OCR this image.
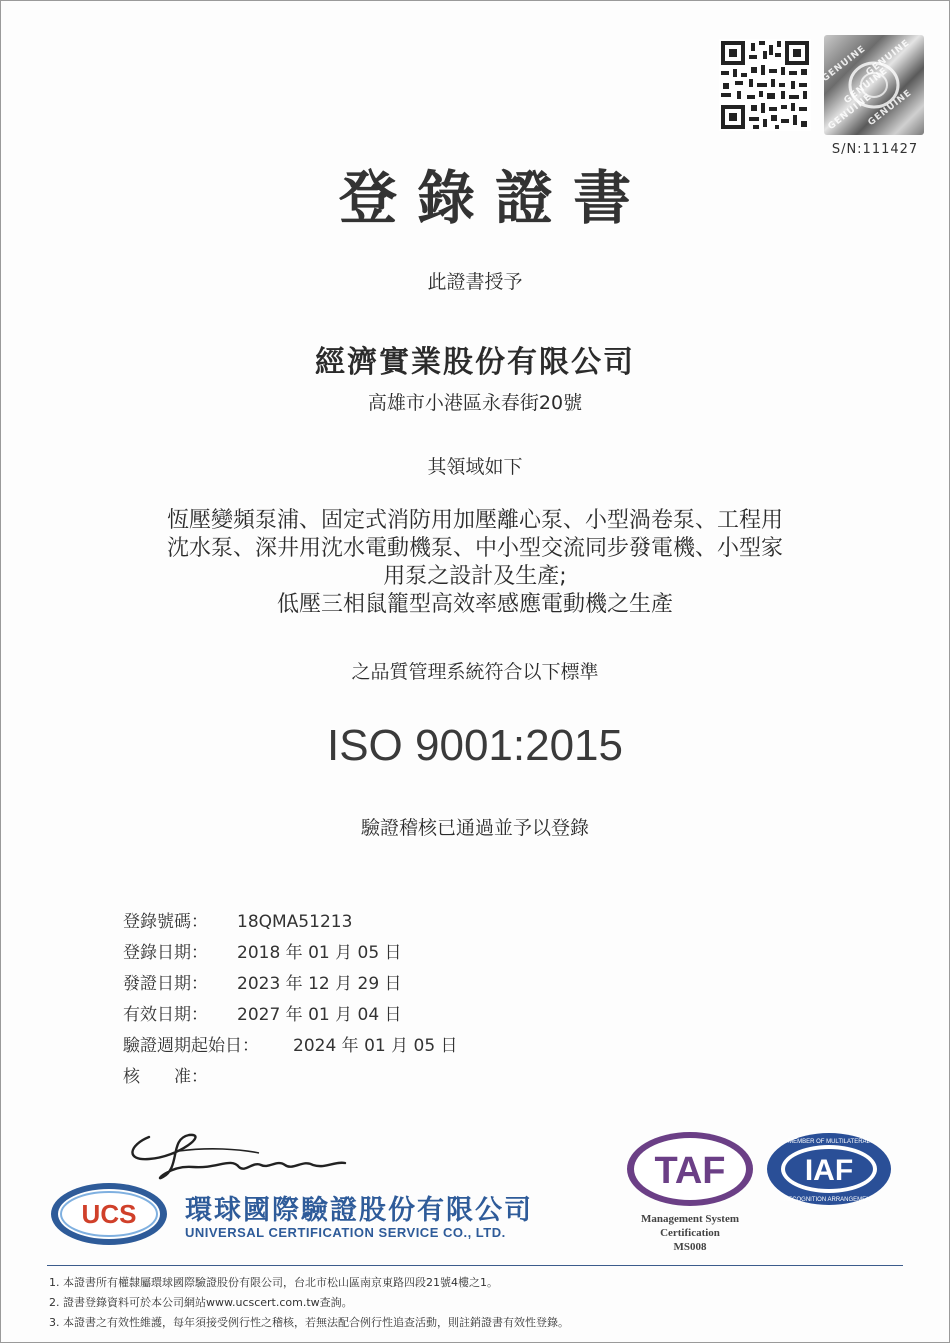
GENUINE
GENUINE
GENUINE
GENUINE
GENUINE
S/N:111427
登錄證書
此證書授予
經濟實業股份有限公司
高雄市小港區永春街20號
其領域如下
恆壓變頻泵浦、固定式消防用加壓離心泵、小型渦卷泵、工程用
沈水泵、深井用沈水電動機泵、中小型交流同步發電機、小型家
用泵之設計及生產;
低壓三相鼠籠型高效率感應電動機之生產
之品質管理系統符合以下標準
ISO 9001:2015
驗證稽核已通過並予以登錄
登錄號碼： 18QMA51213
登錄日期： 2018 年 01 月 05 日
發證日期： 2023 年 12 月 29 日
有效日期： 2027 年 01 月 04 日
驗證週期起始日： 2024 年 01 月 05 日
核　　准：
UCS 環球國際驗證股份有限公司
UNIVERSAL CERTIFICATION SERVICE CO., LTD.
TAF
Management System
Certification
MS008
MEMBER OF MULTILATERAL
RECOGNITION ARRANGEMENT
IAF
1. 本證書所有權隸屬環球國際驗證股份有限公司，台北市松山區南京東路四段21號4樓之1。
2. 證書登錄資料可於本公司網站www.ucscert.com.tw查詢。
3. 本證書之有效性維護，每年須接受例行性之稽核，若無法配合例行性追查活動，則註銷證書有效性登錄。
